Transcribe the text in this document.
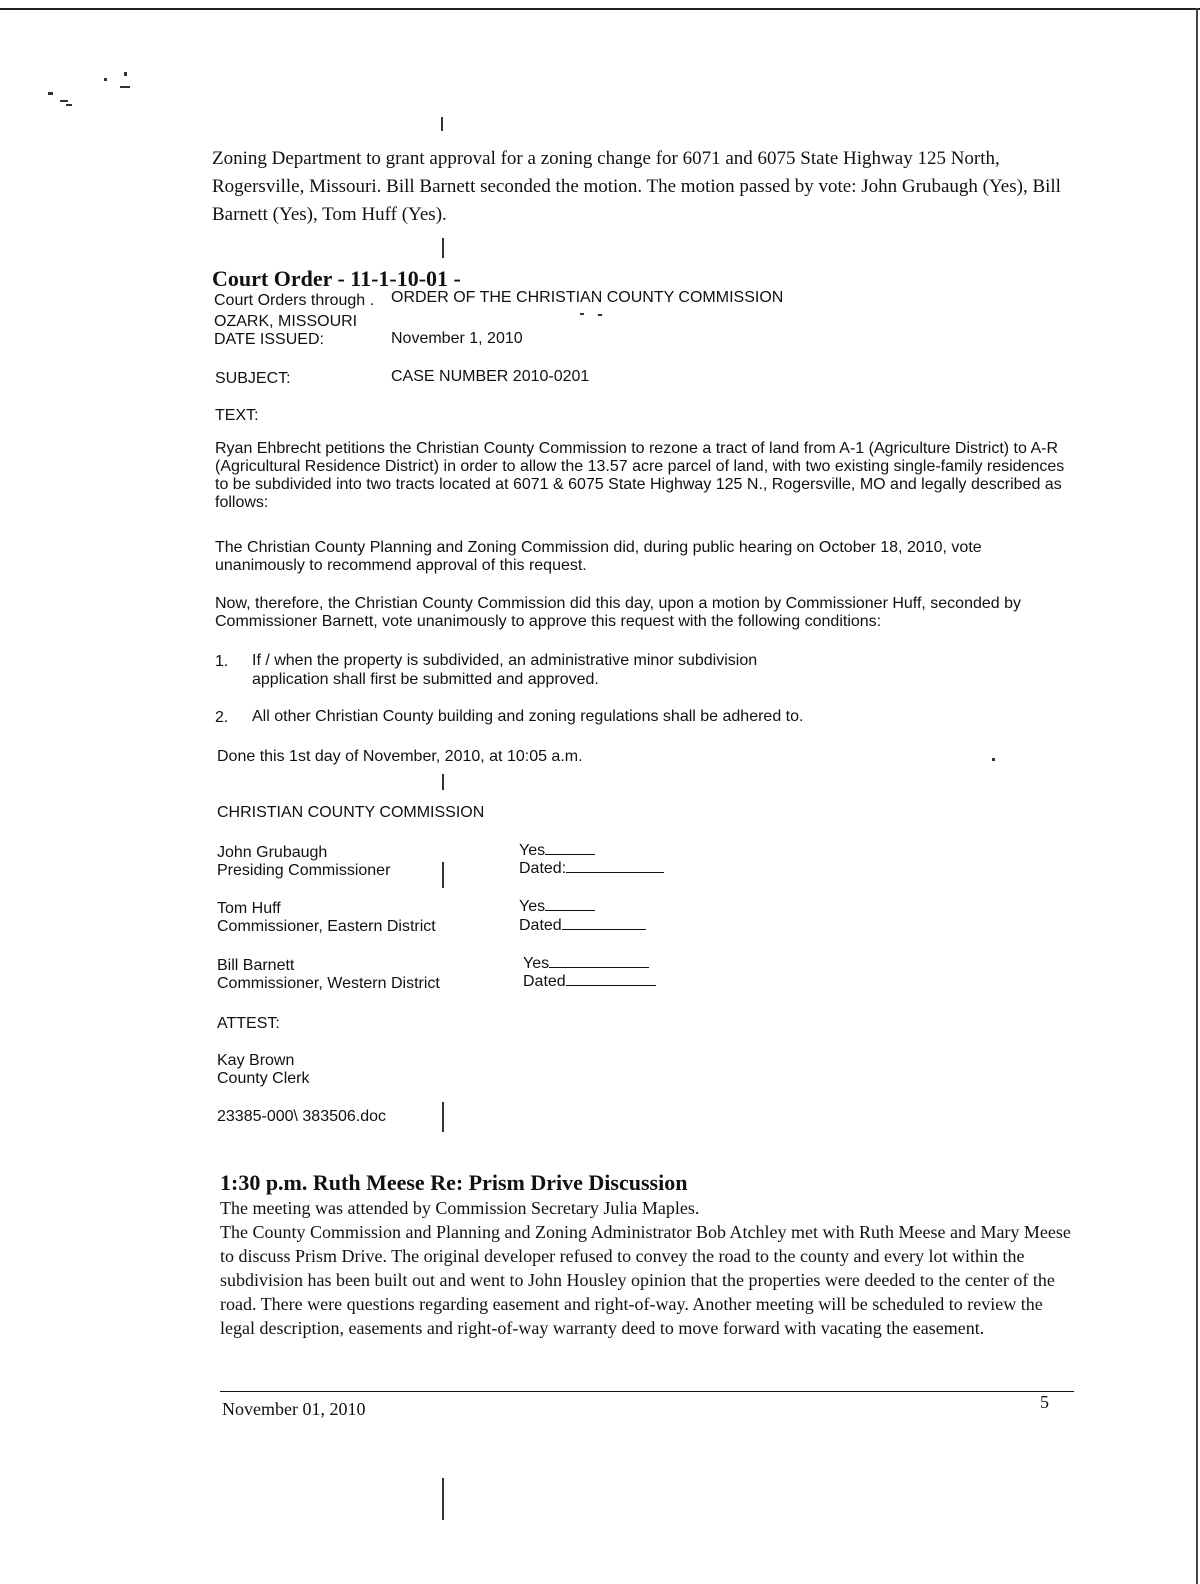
Zoning Department to grant approval for a zoning change for 6071 and 6075 State Highway 125 North, Rogersville, Missouri. Bill Barnett seconded the motion. The motion passed by vote: John Grubaugh (Yes), Bill Barnett (Yes), Tom Huff (Yes).
Court Order - 11-1-10-01 -
Court Orders through . ORDER OF THE CHRISTIAN COUNTY COMMISSION
OZARK, MISSOURI
DATE ISSUED:	November 1, 2010
SUBJECT:	CASE NUMBER 2010-0201
TEXT:
Ryan Ehbrecht petitions the Christian County Commission to rezone a tract of land from A-1 (Agriculture District) to A-R (Agricultural Residence District) in order to allow the 13.57 acre parcel of land, with two existing single-family residences to be subdivided into two tracts located at 6071 & 6075 State Highway 125 N., Rogersville, MO and legally described as follows:
The Christian County Planning and Zoning Commission did, during public hearing on October 18, 2010, vote unanimously to recommend approval of this request.
Now, therefore, the Christian County Commission did this day, upon a motion by Commissioner Huff, seconded by Commissioner Barnett, vote unanimously to approve this request with the following conditions:
1. If / when the property is subdivided, an administrative minor subdivision
application shall first be submitted and approved.
2. All other Christian County building and zoning regulations shall be adhered to.
Done this 1st day of November, 2010, at 10:05 a.m.
CHRISTIAN COUNTY COMMISSION
John Grubaugh
Presiding Commissioner
Yes
Dated:
Tom Huff
Commissioner, Eastern District
Yes
Dated
Bill Barnett
Commissioner, Western District
Yes
Dated
ATTEST:
Kay Brown
County Clerk
23385-000\ 383506.doc
1:30 p.m. Ruth Meese Re: Prism Drive Discussion
The meeting was attended by Commission Secretary Julia Maples.
The County Commission and Planning and Zoning Administrator Bob Atchley met with Ruth Meese and Mary Meese to discuss Prism Drive. The original developer refused to convey the road to the county and every lot within the subdivision has been built out and went to John Housley opinion that the properties were deeded to the center of the road. There were questions regarding easement and right-of-way. Another meeting will be scheduled to review the legal description, easements and right-of-way warranty deed to move forward with vacating the easement.
November 01, 2010	5
